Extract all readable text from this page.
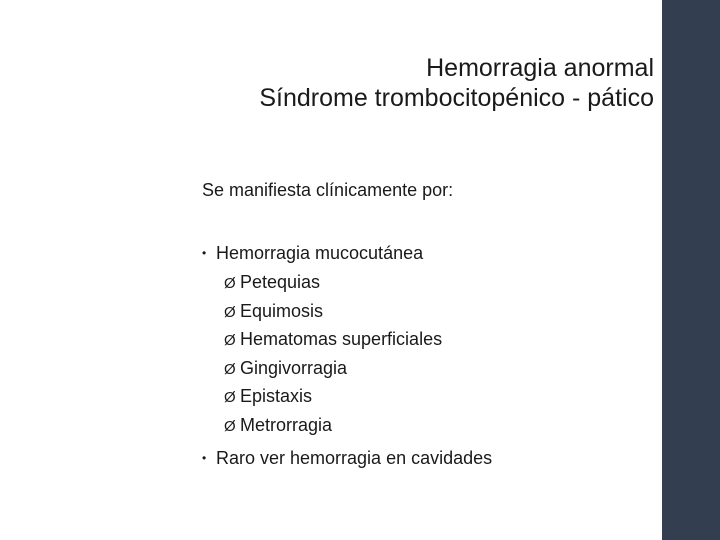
Hemorragia anormal
Síndrome trombocitopénico - pático
Se manifiesta clínicamente por:
• Hemorragia mucocutánea
Ø Petequias
Ø Equimosis
Ø Hematomas superficiales
Ø Gingivorragia
Ø Epistaxis
Ø Metrorragia
• Raro ver hemorragia en cavidades
